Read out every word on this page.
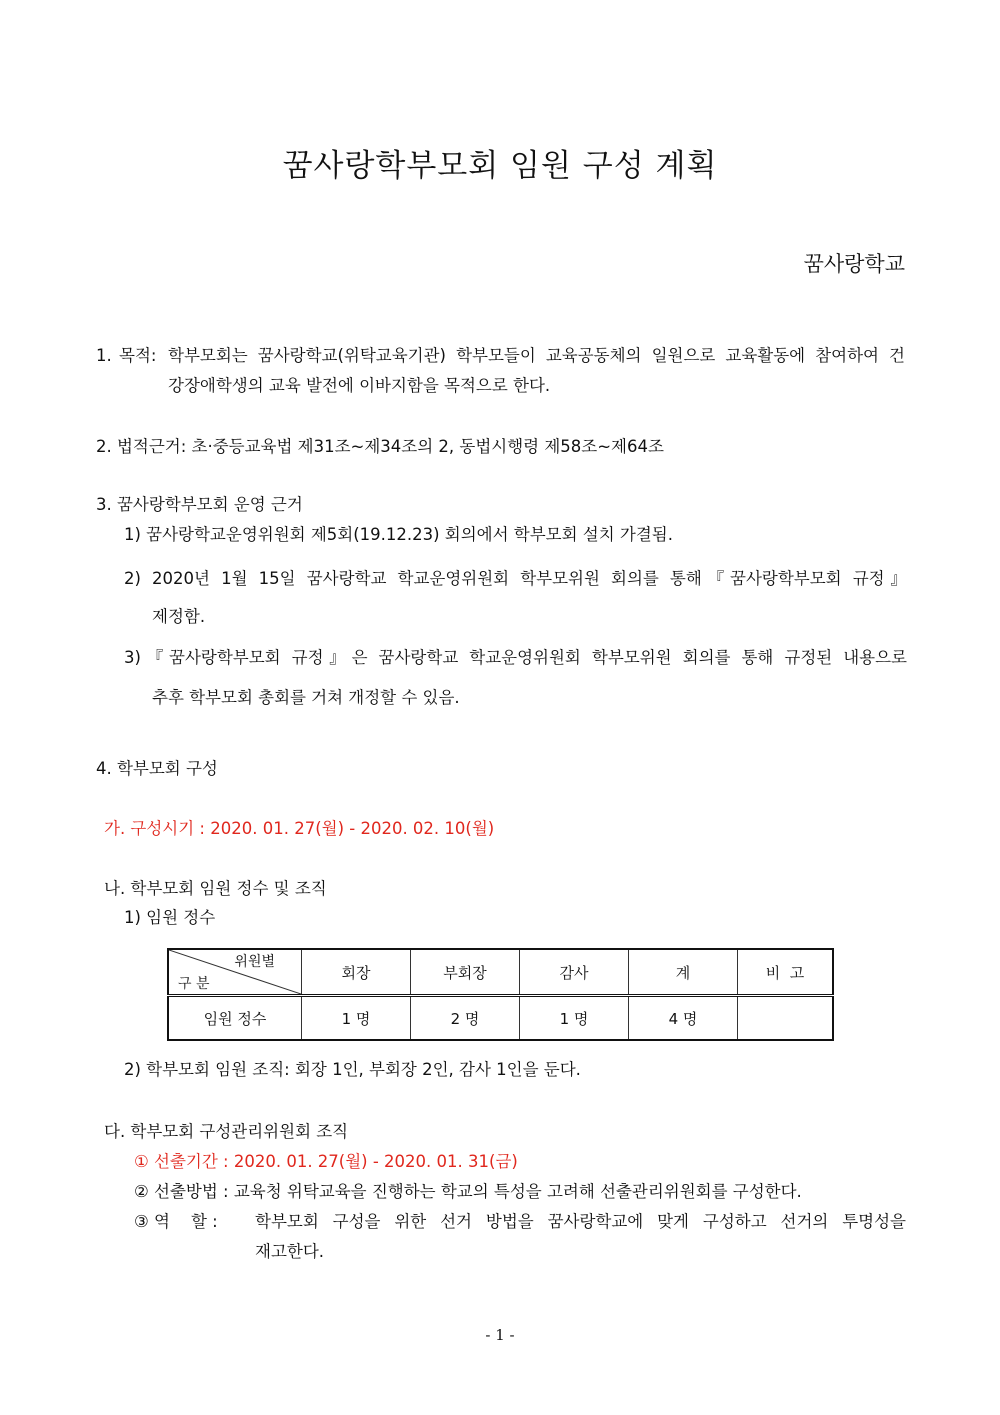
꿈사랑학부모회 임원 구성 계획
꿈사랑학교
1. 목적: 학부모회는 꿈사랑학교(위탁교육기관) 학부모들이 교육공동체의 일원으로 교육활동에 참여하여 건
강장애학생의 교육 발전에 이바지함을 목적으로 한다.
2. 법적근거: 초·중등교육법 제31조~제34조의 2, 동법시행령 제58조~제64조
3. 꿈사랑학부모회 운영 근거
1) 꿈사랑학교운영위원회 제5회(19.12.23) 회의에서 학부모회 설치 가결됨.
2) 2020년 1월 15일 꿈사랑학교 학교운영위원회 학부모위원 회의를 통해『꿈사랑학부모회 규정』
제정함.
3)『꿈사랑학부모회 규정』은 꿈사랑학교 학교운영위원회 학부모위원 회의를 통해 규정된 내용으로
추후 학부모회 총회를 거쳐 개정할 수 있음.
4. 학부모회 구성
가. 구성시기 : 2020. 01. 27(월) - 2020. 02. 10(월)
나. 학부모회 임원 정수 및 조직
1) 임원 정수
위원별
구 분	회장	부회장	감사	계	비  고
임원 정수	1 명	2 명	1 명	4 명	
2) 학부모회 임원 조직: 회장 1인, 부회장 2인, 감사 1인을 둔다.
다. 학부모회 구성관리위원회 조직
① 선출기간 : 2020. 01. 27(월) - 2020. 01. 31(금)
② 선출방법 : 교육청 위탁교육을 진행하는 학교의 특성을 고려해 선출관리위원회를 구성한다.
③ 역    할 : 학부모회 구성을 위한 선거 방법을 꿈사랑학교에 맞게 구성하고 선거의 투명성을
재고한다.
- 1 -
